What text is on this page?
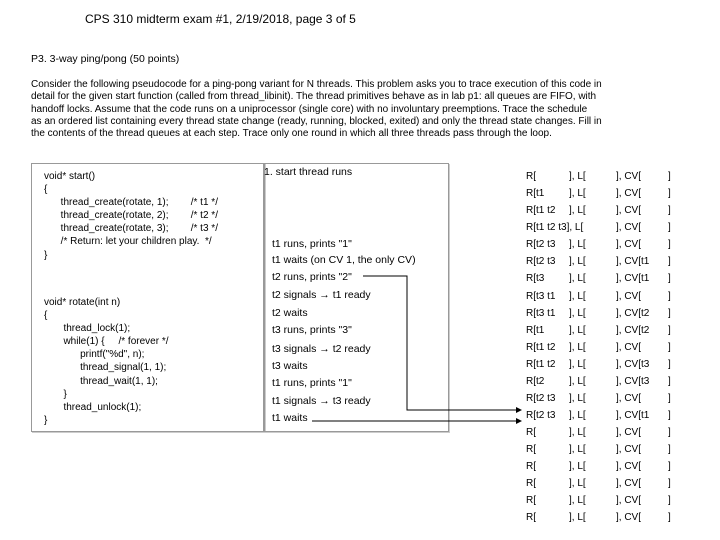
CPS 310 midterm exam #1, 2/19/2018, page 3 of 5
P3. 3-way ping/pong (50 points)

Consider the following pseudocode for a ping-pong variant for N threads. This problem asks you to trace execution of this code in

detail for the given start function (called from thread_libinit). The thread primitives behave as in lab p1: all queues are FIFO, with

handoff locks. Assume that the code runs on a uniprocessor (single core) with no involuntary preemptions. Trace the schedule

as an ordered list containing every thread state change (ready, running, blocked, exited) and only the thread state changes. Fill in

the contents of the thread queues at each step. Trace only one round in which all three threads pass through the loop.

void* start()
{
thread_create(rotate, 1);        /* t1 */
thread_create(rotate, 2);        /* t2 */
thread_create(rotate, 3);        /* t3 */
/* Return: let your children play.  */
}
void* rotate(int n)
{
thread_lock(1);
while(1) {     /* forever */
printf("%d", n);
thread_signal(1, 1);
thread_wait(1, 1);
}
thread_unlock(1);
}
1. start thread runs
t1 runs, prints "1"
t1 waits (on CV 1, the only CV)
t2 runs, prints "2"
t2 signals → t1 ready
t2 waits
t3 runs, prints "3"
t3 signals → t2 ready
t3 waits
t1 runs, prints "1"
t1 signals → t3 ready
t1 waits
R[	], L[	], CV[	]
R[t1 ], L[	], CV[	]
R[t1 t2 ], L[	], CV[	]
R[t1 t2 t3], L[	], CV[	]
R[t2 t3 ], L[	], CV[	]
R[t2 t3 ], L[	], CV[t1 ]
R[t3 ], L[	], CV[t1 ]
R[t3 t1 ], L[	], CV[	]
R[t3 t1 ], L[	], CV[t2 ]
R[t1 ], L[	], CV[t2 ]
R[t1 t2 ], L[	], CV[	]
R[t1 t2 ], L[	], CV[t3 ]
R[t2 ], L[	], CV[t3 ]
R[t2 t3 ], L[	], CV[	]
R[t2 t3 ], L[	], CV[t1 ]
R[	], L[	], CV[	]
R[	], L[	], CV[	]
R[	], L[	], CV[	]
R[	], L[	], CV[	]
R[	], L[	], CV[	]
R[	], L[	], CV[	]
